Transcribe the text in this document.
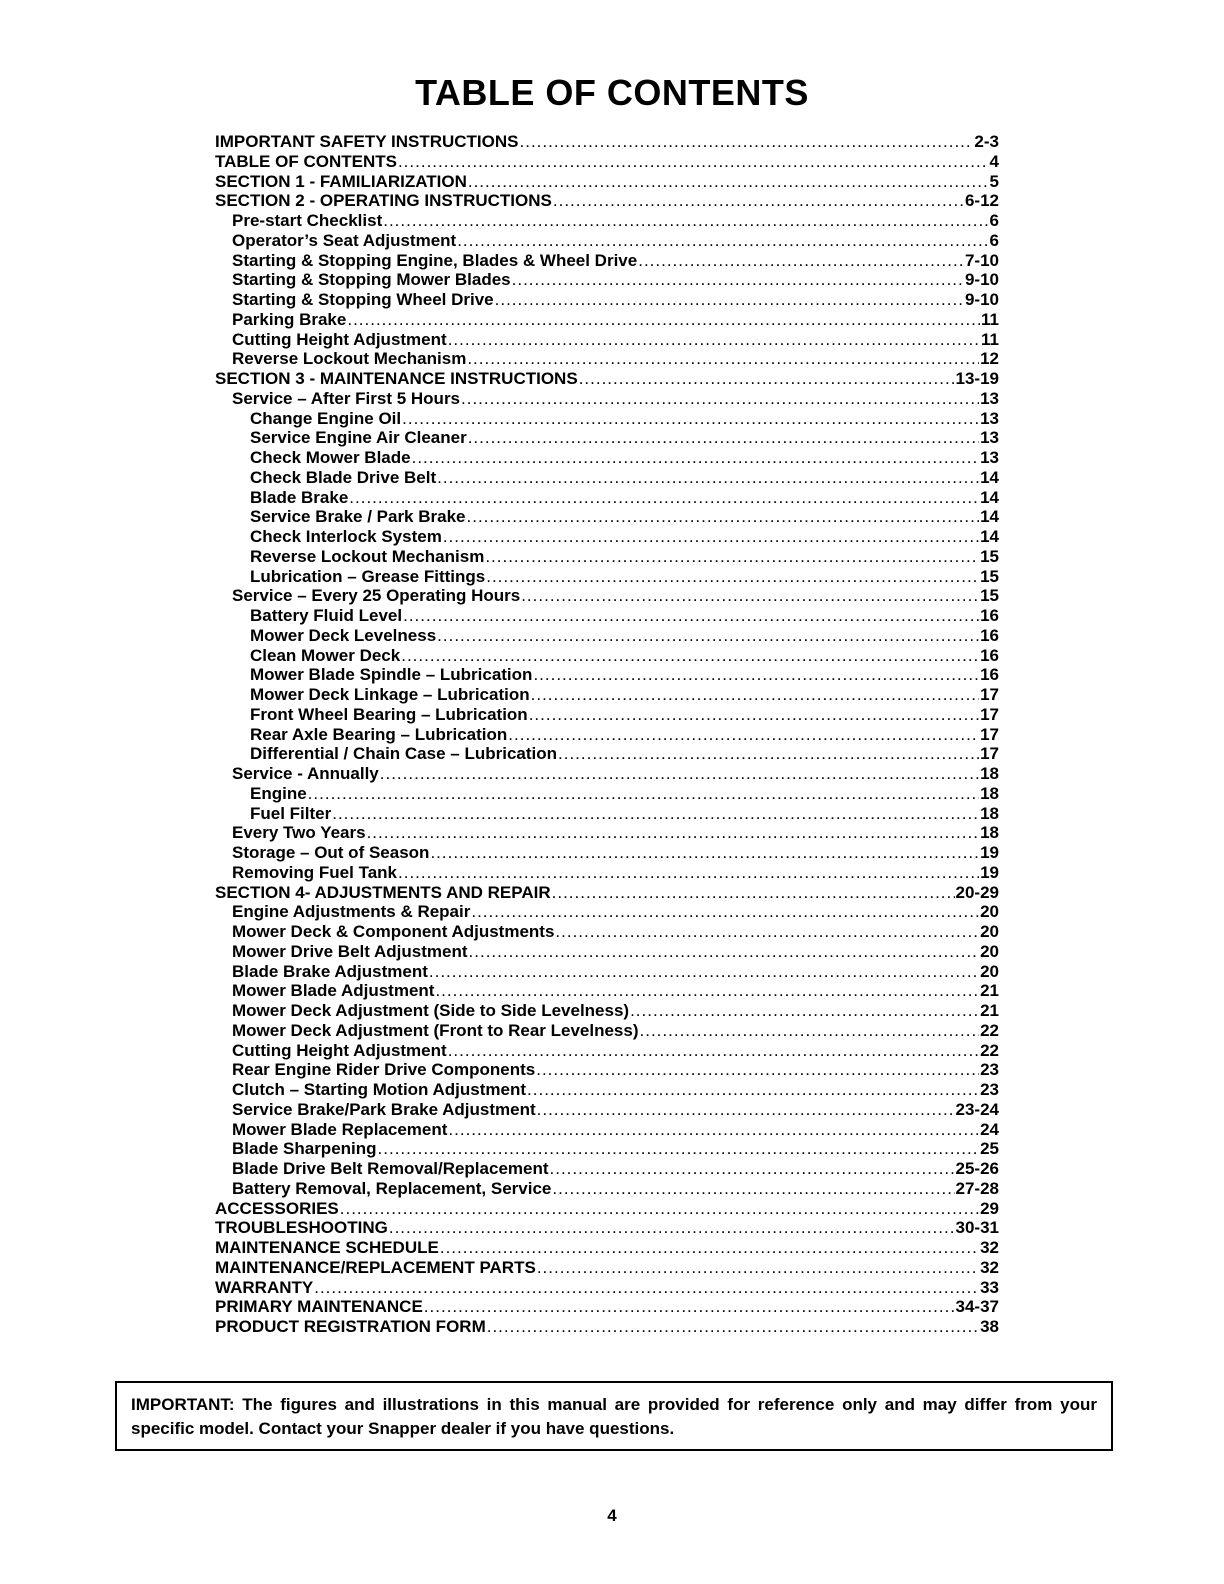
TABLE OF CONTENTS
IMPORTANT SAFETY INSTRUCTIONS .....	2-3
TABLE OF CONTENTS .....	4
SECTION 1 - FAMILIARIZATION .....	5
SECTION 2 - OPERATING INSTRUCTIONS .....	6-12
Pre-start Checklist .....	6
Operator’s Seat Adjustment .....	6
Starting & Stopping Engine, Blades & Wheel Drive .....	7-10
Starting & Stopping Mower Blades .....	9-10
Starting & Stopping Wheel Drive .....	9-10
Parking Brake .....	11
Cutting Height Adjustment .....	11
Reverse Lockout Mechanism .....	12
SECTION 3 - MAINTENANCE INSTRUCTIONS .....	13-19
Service – After First 5 Hours .....	13
Change Engine Oil .....	13
Service Engine Air Cleaner .....	13
Check Mower Blade .....	13
Check Blade Drive Belt .....	14
Blade Brake .....	14
Service Brake / Park Brake .....	14
Check Interlock System .....	14
Reverse Lockout Mechanism .....	15
Lubrication – Grease Fittings .....	15
Service – Every 25 Operating Hours .....	15
Battery Fluid Level .....	16
Mower Deck Levelness .....	16
Clean Mower Deck .....	16
Mower Blade Spindle – Lubrication .....	16
Mower Deck Linkage – Lubrication .....	17
Front Wheel Bearing – Lubrication .....	17
Rear Axle Bearing – Lubrication .....	17
Differential / Chain Case – Lubrication .....	17
Service - Annually .....	18
Engine .....	18
Fuel Filter .....	18
Every Two Years .....	18
Storage – Out of Season .....	19
Removing Fuel Tank .....	19
SECTION 4- ADJUSTMENTS AND REPAIR .....	20-29
Engine Adjustments & Repair .....	20
Mower Deck & Component Adjustments .....	20
Mower Drive Belt Adjustment .....	20
Blade Brake Adjustment .....	20
Mower Blade Adjustment .....	21
Mower Deck Adjustment (Side to Side Levelness) .....	21
Mower Deck Adjustment (Front to Rear Levelness) .....	22
Cutting Height Adjustment .....	22
Rear Engine Rider Drive Components .....	23
Clutch – Starting Motion Adjustment .....	23
Service Brake/Park Brake Adjustment .....	23-24
Mower Blade Replacement .....	24
Blade Sharpening .....	25
Blade Drive Belt Removal/Replacement .....	25-26
Battery Removal, Replacement, Service .....	27-28
ACCESSORIES .....	29
TROUBLESHOOTING .....	30-31
MAINTENANCE SCHEDULE .....	32
MAINTENANCE/REPLACEMENT PARTS .....	32
WARRANTY .....	33
PRIMARY MAINTENANCE .....	34-37
PRODUCT REGISTRATION FORM .....	38
IMPORTANT: The figures and illustrations in this manual are provided for reference only and may differ from your specific model. Contact your Snapper dealer if you have questions.
4
